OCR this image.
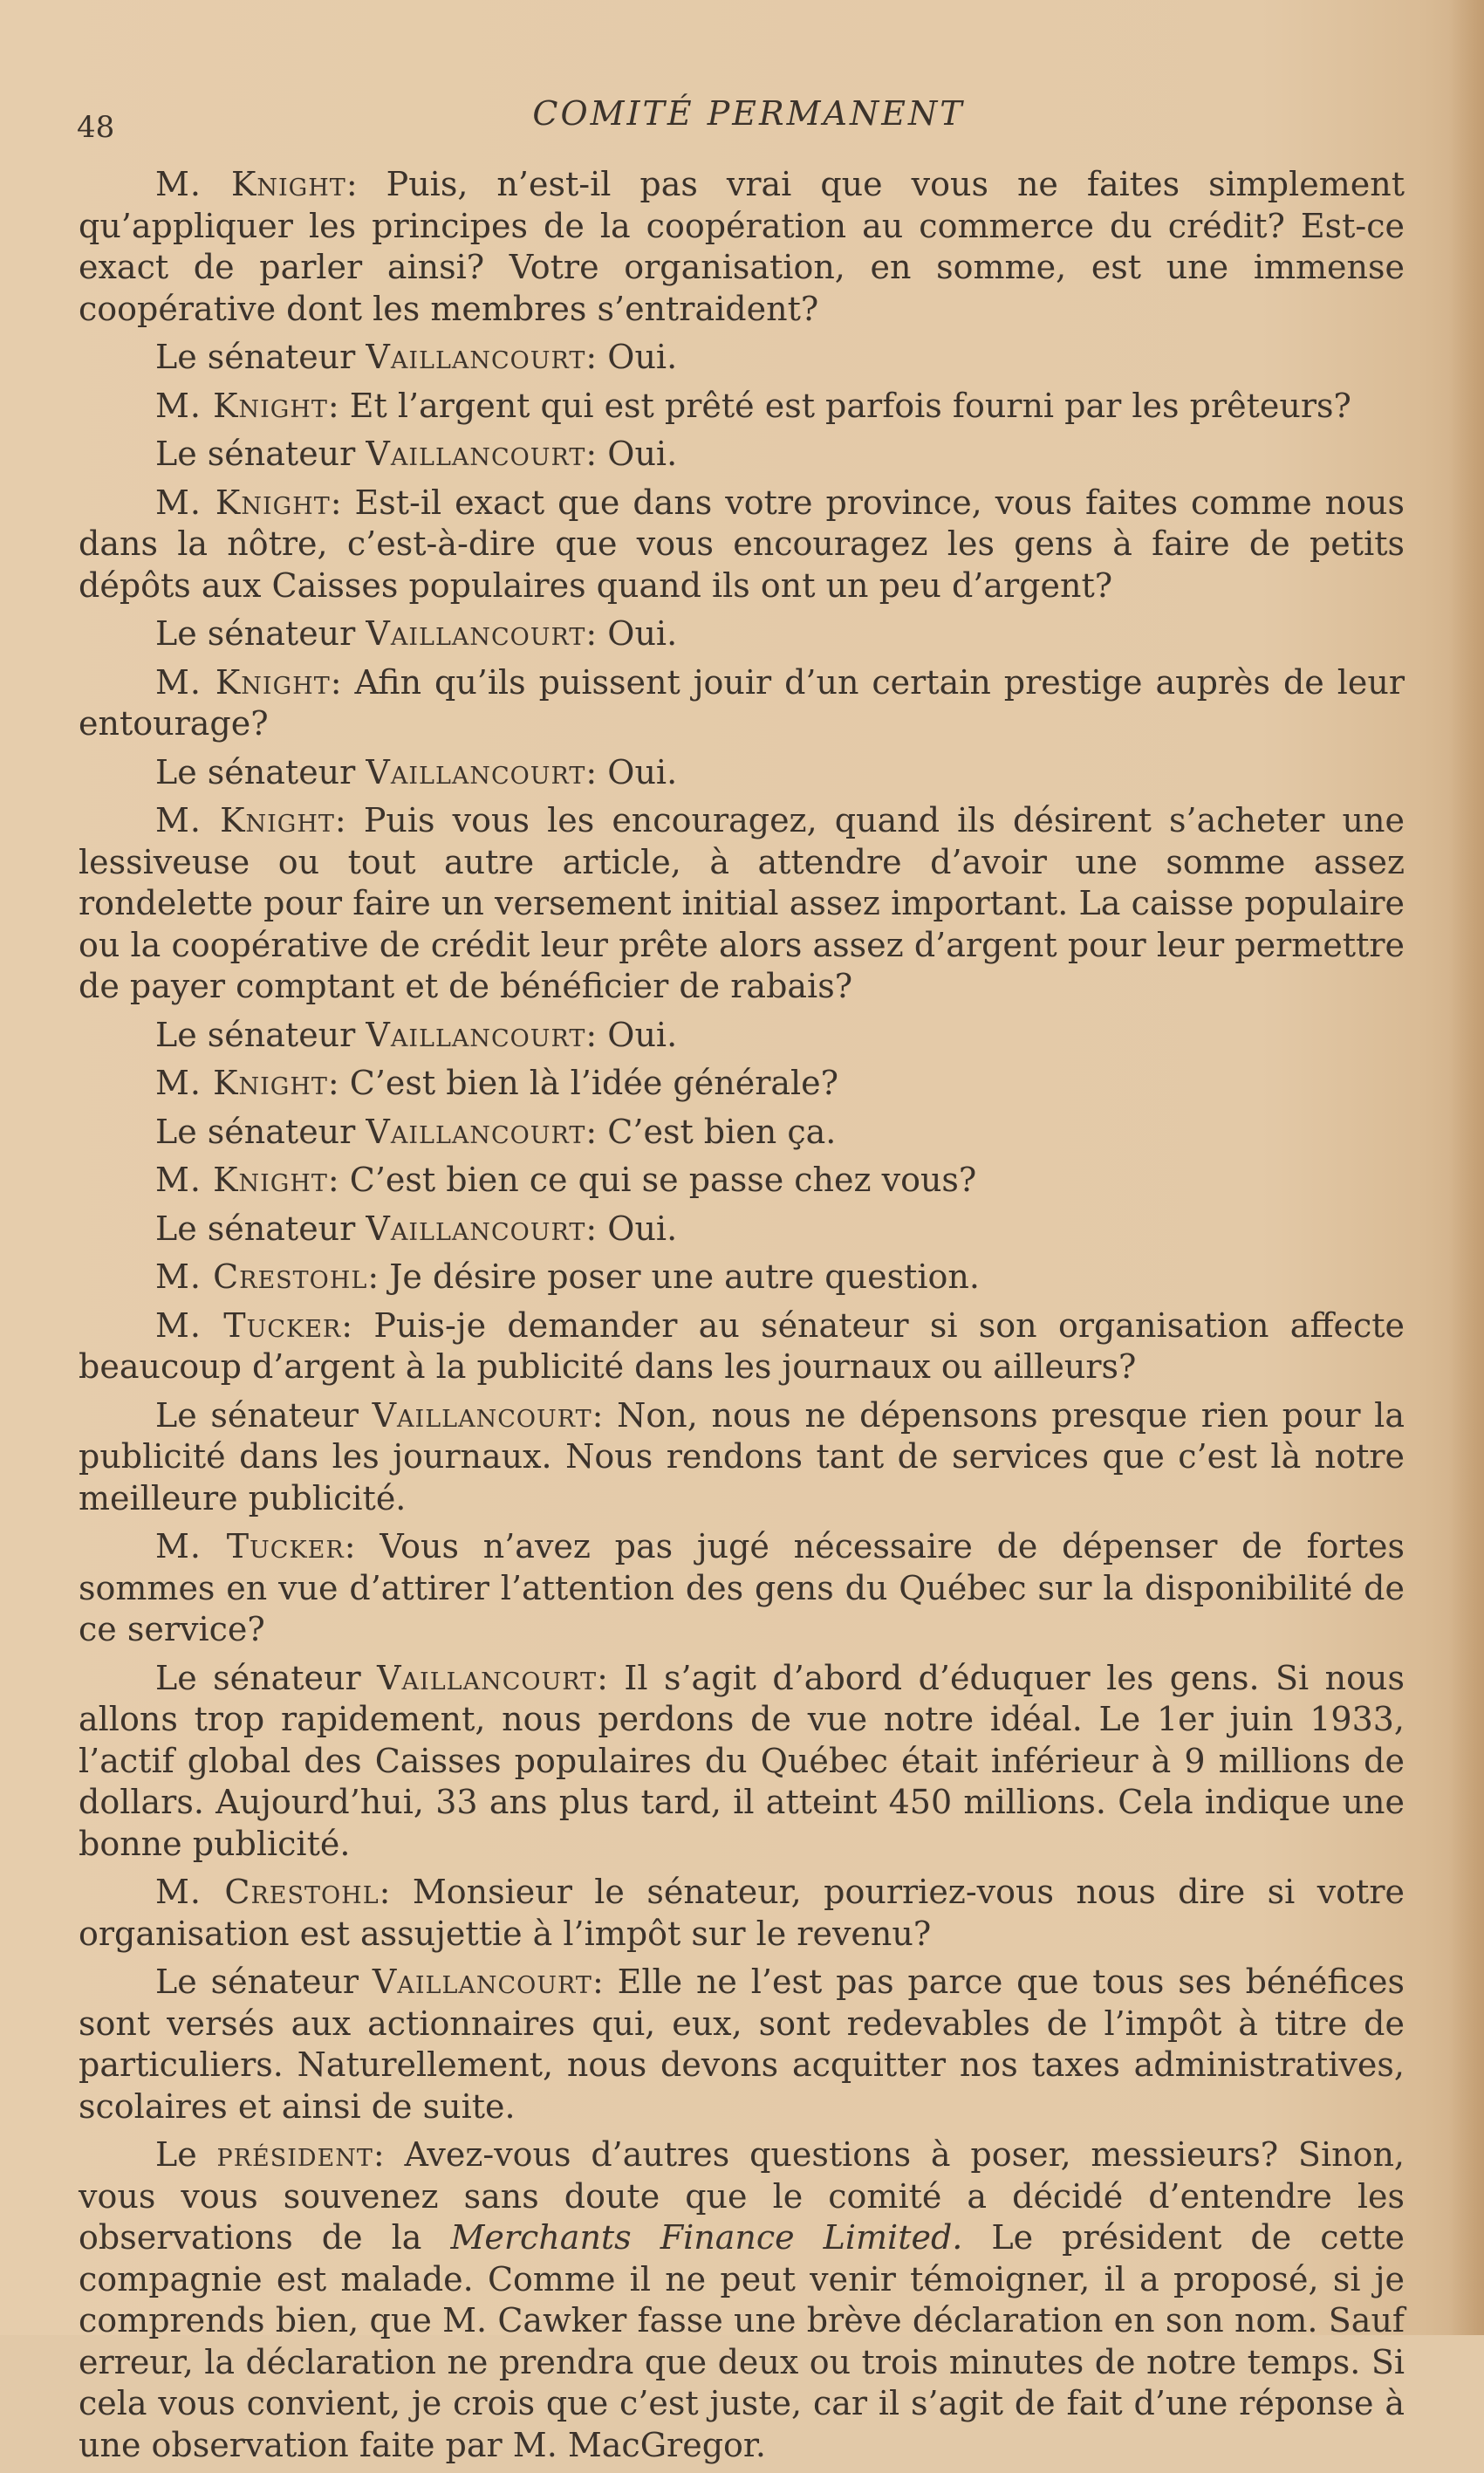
48	COMITÉ PERMANENT

M. Knight: Puis, n’est-il pas vrai que vous ne faites simplement qu’appliquer les principes de la coopération au commerce du crédit? Est-ce exact de parler ainsi? Votre organisation, en somme, est une immense coopérative dont les membres s’entraident?

Le sénateur Vaillancourt: Oui.

M. Knight: Et l’argent qui est prêté est parfois fourni par les prêteurs?

Le sénateur Vaillancourt: Oui.

M. Knight: Est-il exact que dans votre province, vous faites comme nous dans la nôtre, c’est-à-dire que vous encouragez les gens à faire de petits dépôts aux Caisses populaires quand ils ont un peu d’argent?

Le sénateur Vaillancourt: Oui.

M. Knight: Afin qu’ils puissent jouir d’un certain prestige auprès de leur entourage?

Le sénateur Vaillancourt: Oui.

M. Knight: Puis vous les encouragez, quand ils désirent s’acheter une lessiveuse ou tout autre article, à attendre d’avoir une somme assez rondelette pour faire un versement initial assez important. La caisse populaire ou la coopérative de crédit leur prête alors assez d’argent pour leur permettre de payer comptant et de bénéficier de rabais?

Le sénateur Vaillancourt: Oui.

M. Knight: C’est bien là l’idée générale?

Le sénateur Vaillancourt: C’est bien ça.

M. Knight: C’est bien ce qui se passe chez vous?

Le sénateur Vaillancourt: Oui.

M. Crestohl: Je désire poser une autre question.

M. Tucker: Puis-je demander au sénateur si son organisation affecte beaucoup d’argent à la publicité dans les journaux ou ailleurs?

Le sénateur Vaillancourt: Non, nous ne dépensons presque rien pour la publicité dans les journaux. Nous rendons tant de services que c’est là notre meilleure publicité.

M. Tucker: Vous n’avez pas jugé nécessaire de dépenser de fortes sommes en vue d’attirer l’attention des gens du Québec sur la disponibilité de ce service?

Le sénateur Vaillancourt: Il s’agit d’abord d’éduquer les gens. Si nous allons trop rapidement, nous perdons de vue notre idéal. Le 1er juin 1933, l’actif global des Caisses populaires du Québec était inférieur à 9 millions de dollars. Aujourd’hui, 33 ans plus tard, il atteint 450 millions. Cela indique une bonne publicité.

M. Crestohl: Monsieur le sénateur, pourriez-vous nous dire si votre organisation est assujettie à l’impôt sur le revenu?

Le sénateur Vaillancourt: Elle ne l’est pas parce que tous ses bénéfices sont versés aux actionnaires qui, eux, sont redevables de l’impôt à titre de particuliers. Naturellement, nous devons acquitter nos taxes administratives, scolaires et ainsi de suite.

Le président: Avez-vous d’autres questions à poser, messieurs? Sinon, vous vous souvenez sans doute que le comité a décidé d’entendre les observations de la Merchants Finance Limited. Le président de cette compagnie est malade. Comme il ne peut venir témoigner, il a proposé, si je comprends bien, que M. Cawker fasse une brève déclaration en son nom. Sauf erreur, la déclaration ne prendra que deux ou trois minutes de notre temps. Si cela vous convient, je crois que c’est juste, car il s’agit de fait d’une réponse à une observation faite par M. MacGregor.
